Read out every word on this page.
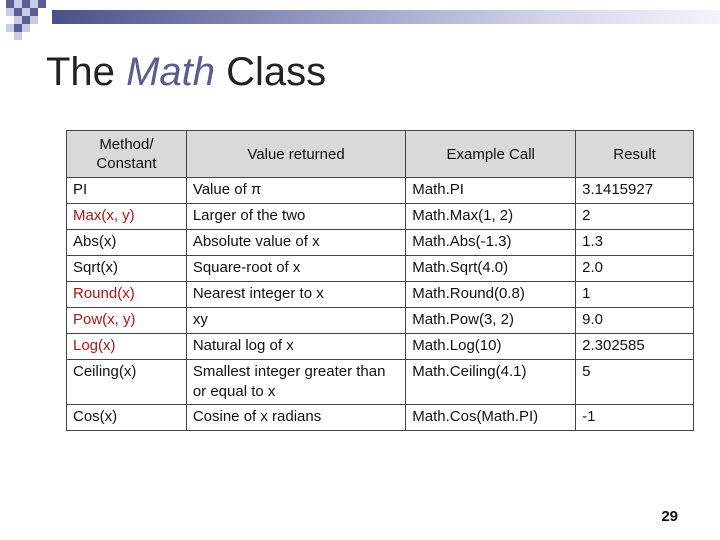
The Math Class
Method/ Constant	Value returned	Example Call	Result
PI	Value of π	Math.PI	3.1415927
Max(x, y)	Larger of the two	Math.Max(1, 2)	2
Abs(x)	Absolute value of x	Math.Abs(-1.3)	1.3
Sqrt(x)	Square-root of x	Math.Sqrt(4.0)	2.0
Round(x)	Nearest integer to x	Math.Round(0.8)	1
Pow(x, y)	xy	Math.Pow(3, 2)	9.0
Log(x)	Natural log of x	Math.Log(10)	2.302585
Ceiling(x)	Smallest integer greater than or equal to x	Math.Ceiling(4.1)	5
Cos(x)	Cosine of x radians	Math.Cos(Math.PI)	-1
29
